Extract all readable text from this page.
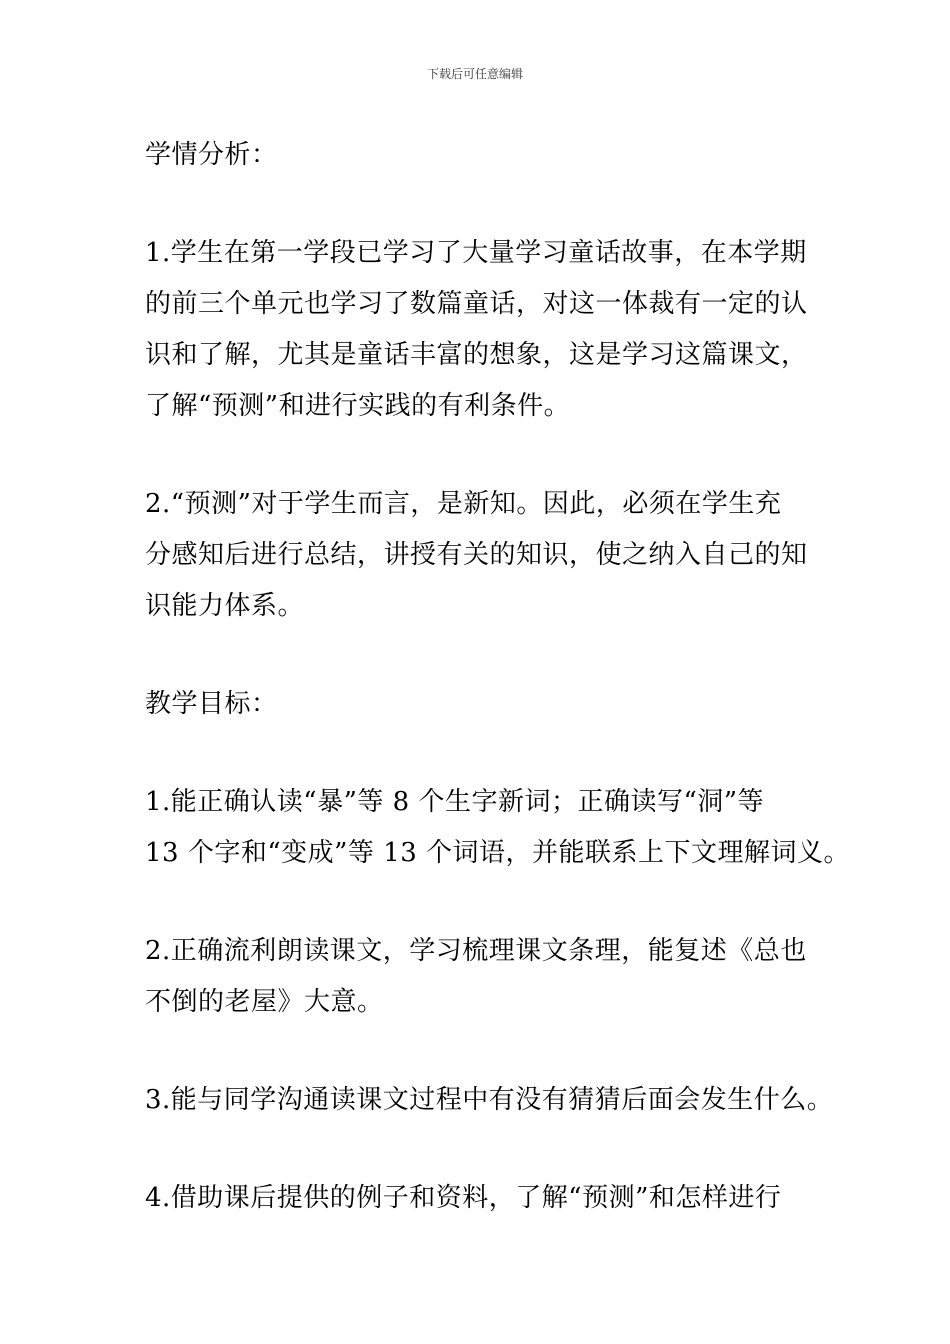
下载后可任意编辑

学情分析：

1.学生在第一学段已学习了大量学习童话故事，在本学期
的前三个单元也学习了数篇童话，对这一体裁有一定的认
识和了解，尤其是童话丰富的想象，这是学习这篇课文，
了解“预测”和进行实践的有利条件。

2.“预测”对于学生而言，是新知。因此，必须在学生充
分感知后进行总结，讲授有关的知识，使之纳入自己的知
识能力体系。

教学目标：

1.能正确认读“暴”等 8 个生字新词；正确读写“洞”等
13 个字和“变成”等 13 个词语，并能联系上下文理解词义。

2.正确流利朗读课文，学习梳理课文条理，能复述《总也
不倒的老屋》大意。

3.能与同学沟通读课文过程中有没有猜猜后面会发生什么。

4.借助课后提供的例子和资料，了解“预测”和怎样进行
